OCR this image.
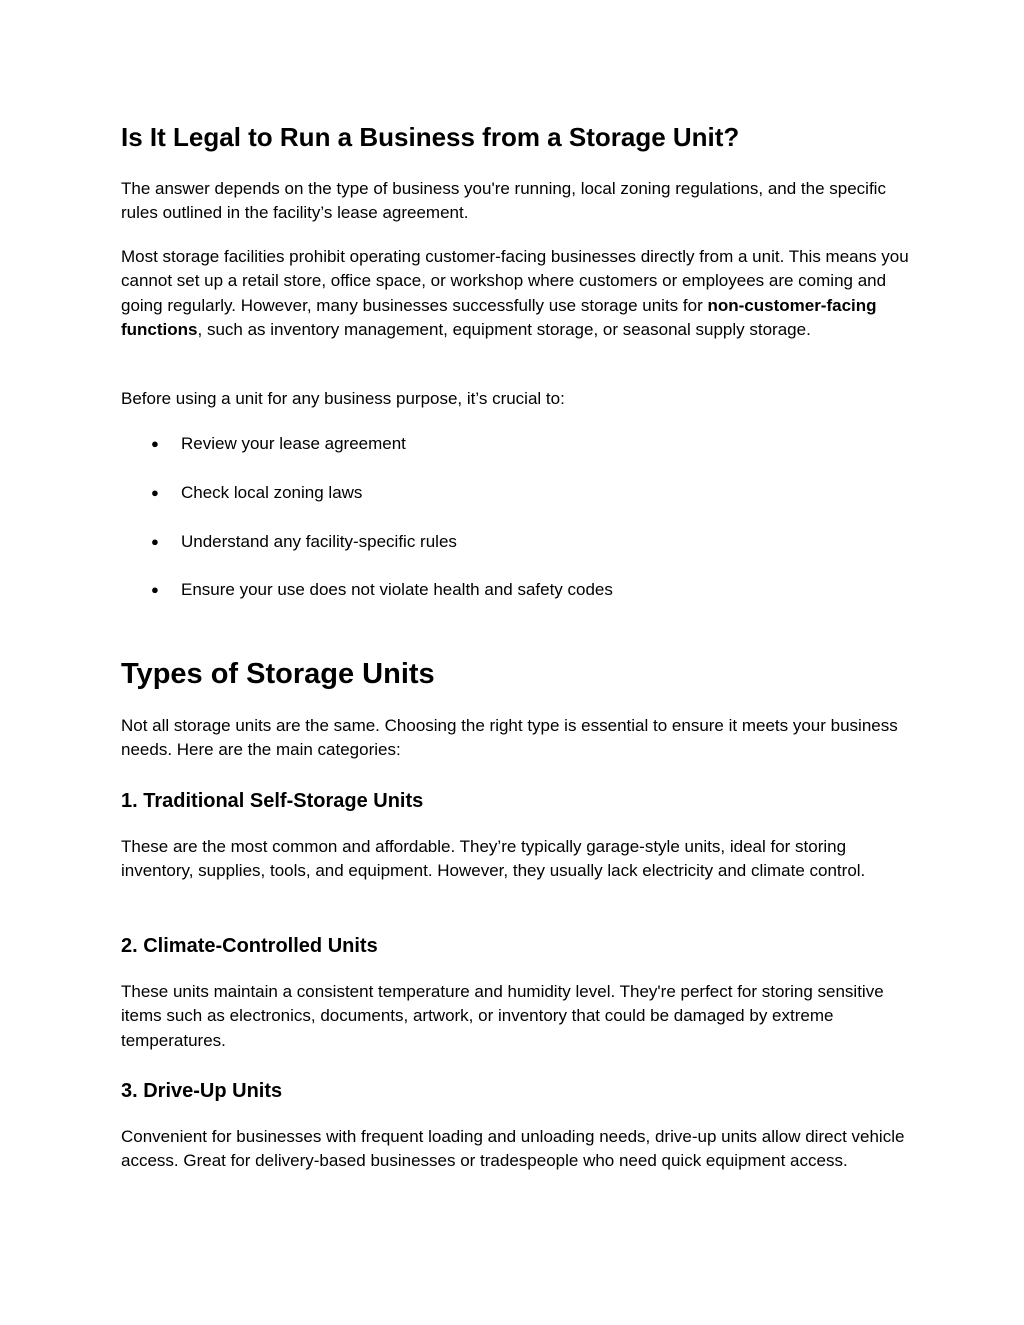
Is It Legal to Run a Business from a Storage Unit?

The answer depends on the type of business you're running, local zoning regulations, and the specific rules outlined in the facility’s lease agreement.

Most storage facilities prohibit operating customer-facing businesses directly from a unit. This means you cannot set up a retail store, office space, or workshop where customers or employees are coming and going regularly. However, many businesses successfully use storage units for non-customer-facing functions, such as inventory management, equipment storage, or seasonal supply storage.

Before using a unit for any business purpose, it’s crucial to:

● Review your lease agreement
● Check local zoning laws
● Understand any facility-specific rules
● Ensure your use does not violate health and safety codes
Types of Storage Units

Not all storage units are the same. Choosing the right type is essential to ensure it meets your business needs. Here are the main categories:

1. Traditional Self-Storage Units

These are the most common and affordable. They’re typically garage-style units, ideal for storing inventory, supplies, tools, and equipment. However, they usually lack electricity and climate control.

2. Climate-Controlled Units

These units maintain a consistent temperature and humidity level. They're perfect for storing sensitive items such as electronics, documents, artwork, or inventory that could be damaged by extreme temperatures.

3. Drive-Up Units

Convenient for businesses with frequent loading and unloading needs, drive-up units allow direct vehicle access. Great for delivery-based businesses or tradespeople who need quick equipment access.
